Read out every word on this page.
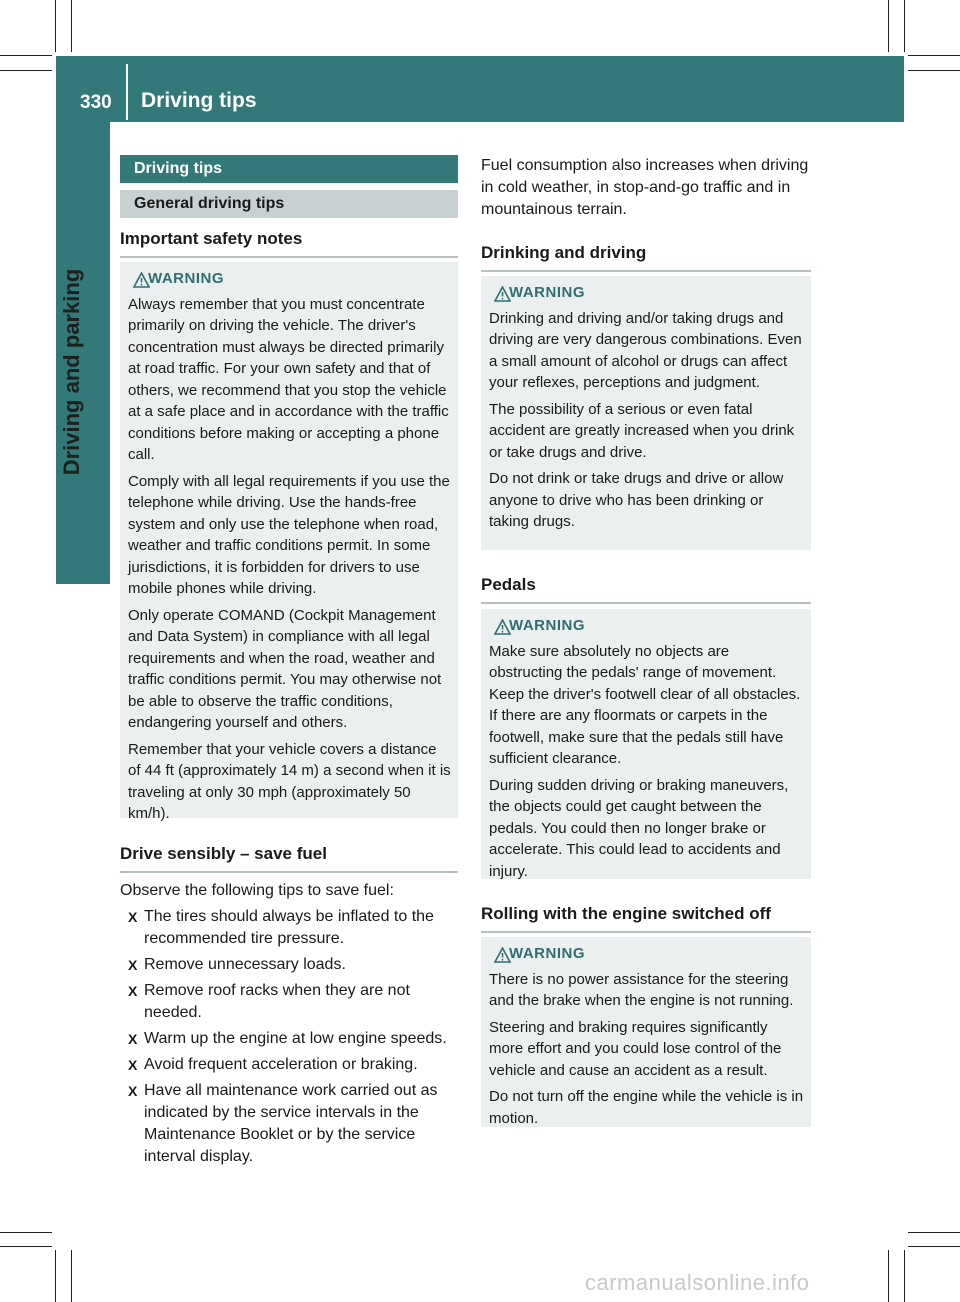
330 Driving tips
Driving and parking
Driving tips
General driving tips
Important safety notes
WARNING

Always remember that you must concentrate primarily on driving the vehicle. The driver's concentration must always be directed primarily at road traffic. For your own safety and that of others, we recommend that you stop the vehicle at a safe place and in accordance with the traffic conditions before making or accepting a phone call.

Comply with all legal requirements if you use the telephone while driving. Use the hands-free system and only use the telephone when road, weather and traffic conditions permit. In some jurisdictions, it is forbidden for drivers to use mobile phones while driving.

Only operate COMAND (Cockpit Management and Data System) in compliance with all legal requirements and when the road, weather and traffic conditions permit. You may otherwise not be able to observe the traffic conditions, endangering yourself and others.

Remember that your vehicle covers a distance of 44 ft (approximately 14 m) a second when it is traveling at only 30 mph (approximately 50 km/h).

Drive sensibly – save fuel

Observe the following tips to save fuel:

X The tires should always be inflated to the recommended tire pressure.
X Remove unnecessary loads.
X Remove roof racks when they are not needed.
X Warm up the engine at low engine speeds.
X Avoid frequent acceleration or braking.
X Have all maintenance work carried out as indicated by the service intervals in the Maintenance Booklet or by the service interval display.

Fuel consumption also increases when driving in cold weather, in stop-and-go traffic and in mountainous terrain.

Drinking and driving
WARNING

Drinking and driving and/or taking drugs and driving are very dangerous combinations. Even a small amount of alcohol or drugs can affect your reflexes, perceptions and judgment.

The possibility of a serious or even fatal accident are greatly increased when you drink or take drugs and drive.

Do not drink or take drugs and drive or allow anyone to drive who has been drinking or taking drugs.

Pedals
WARNING

Make sure absolutely no objects are obstructing the pedals' range of movement. Keep the driver's footwell clear of all obstacles. If there are any floormats or carpets in the footwell, make sure that the pedals still have sufficient clearance.

During sudden driving or braking maneuvers, the objects could get caught between the pedals. You could then no longer brake or accelerate. This could lead to accidents and injury.

Rolling with the engine switched off
WARNING

There is no power assistance for the steering and the brake when the engine is not running.

Steering and braking requires significantly more effort and you could lose control of the vehicle and cause an accident as a result.

Do not turn off the engine while the vehicle is in motion.

carmanualsonline.info
